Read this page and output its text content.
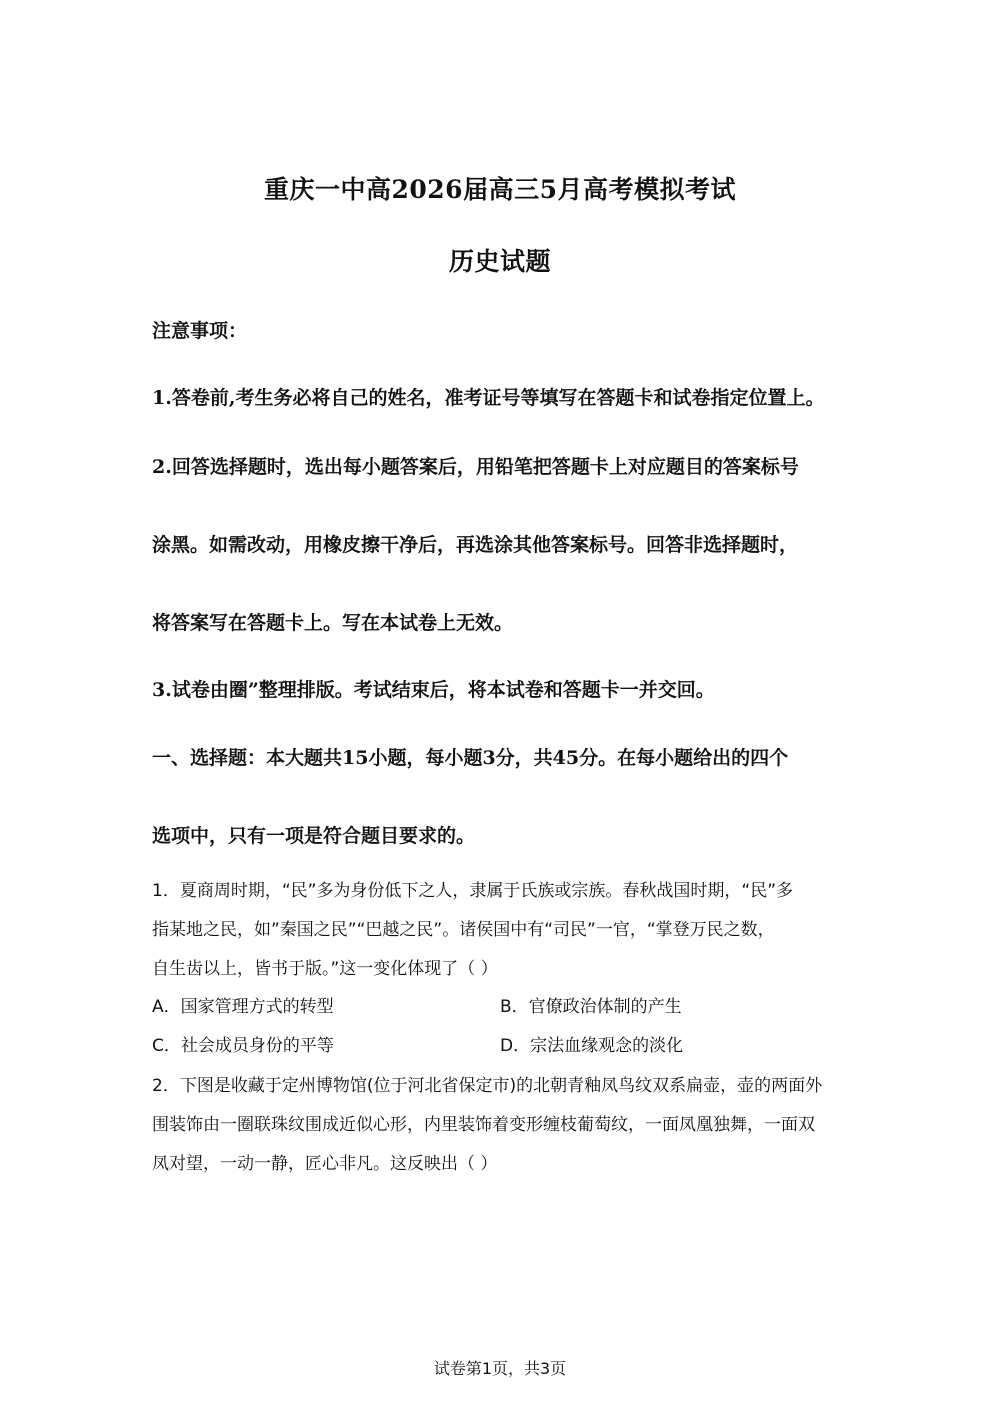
重庆一中高2026届高三5月高考模拟考试
历史试题
注意事项：
1.答卷前,考生务必将自己的姓名，准考证号等填写在答题卡和试卷指定位置上。
2.回答选择题时，选出每小题答案后，用铅笔把答题卡上对应题目的答案标号
涂黑。如需改动，用橡皮擦干净后，再选涂其他答案标号。回答非选择题时，
将答案写在答题卡上。写在本试卷上无效。
3.试卷由圈”整理排版。考试结束后，将本试卷和答题卡一并交回。
一、选择题：本大题共15小题，每小题3分，共45分。在每小题给出的四个
选项中，只有一项是符合题目要求的。
1．夏商周时期，“民”多为身份低下之人，隶属于氏族或宗族。春秋战国时期，“民”多
指某地之民，如”秦国之民”“巴越之民”。诸侯国中有“司民”一官，“掌登万民之数，
自生齿以上，皆书于版。”这一变化体现了（ ）
A．国家管理方式的转型	B．官僚政治体制的产生
C．社会成员身份的平等	D．宗法血缘观念的淡化
2．下图是收藏于定州博物馆(位于河北省保定市)的北朝青釉凤鸟纹双系扁壶，壶的两面外
围装饰由一圈联珠纹围成近似心形，内里装饰着变形缠枝葡萄纹，一面凤凰独舞，一面双
凤对望，一动一静，匠心非凡。这反映出（ ）
试卷第1页，共3页
